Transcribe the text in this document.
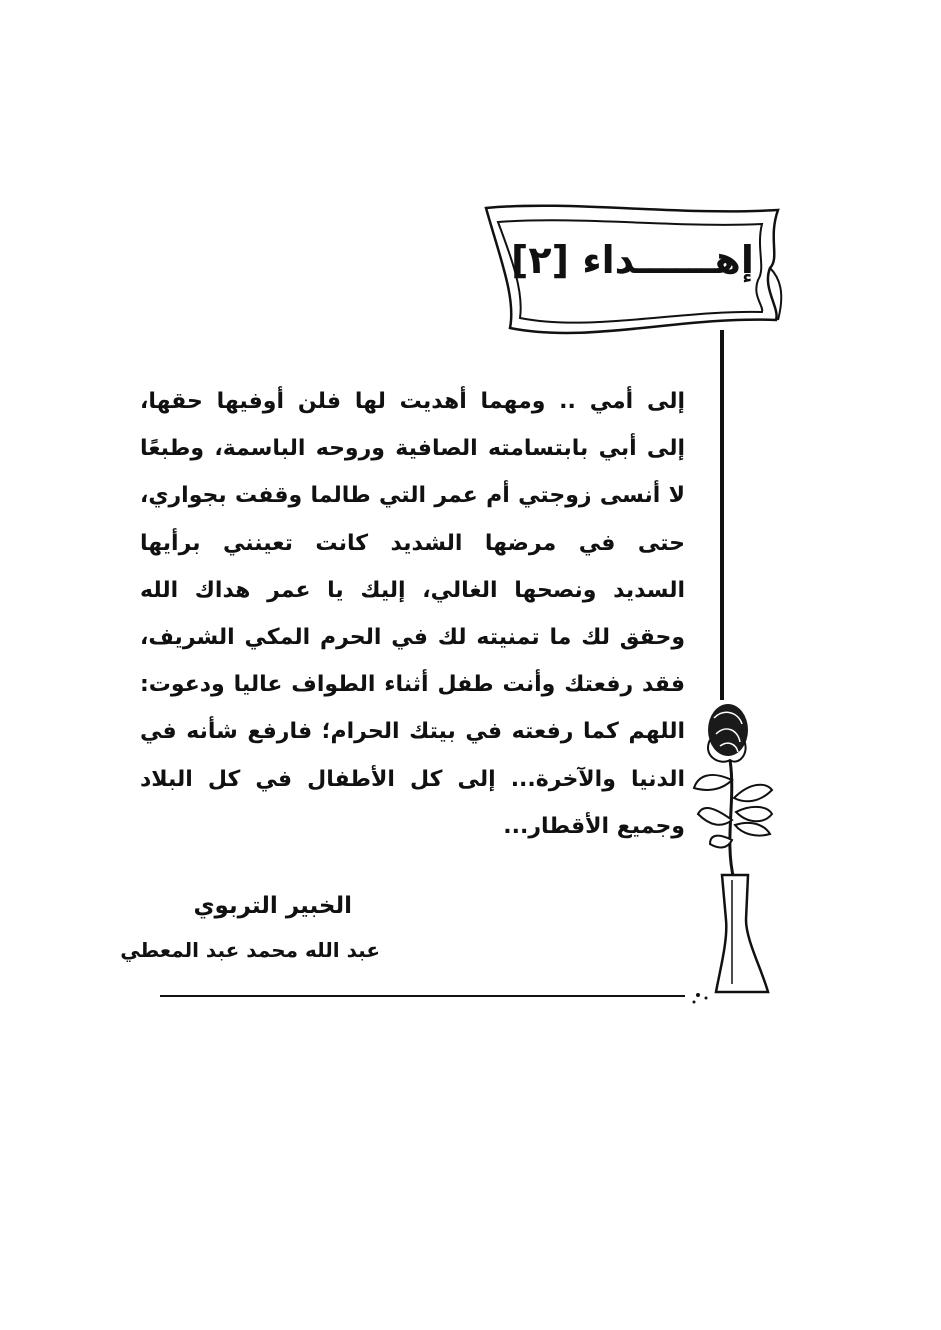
إهــــــداء [٢]
إلى أمي .. ومهما أهديت لها فلن أوفيها حقها،
إلى أبي بابتسامته الصافية وروحه الباسمة، وطبعًا
لا أنسى زوجتي أم عمر التي طالما وقفت بجواري،
حتى في مرضها الشديد كانت تعينني برأيها
السديد ونصحها الغالي، إليك يا عمر هداك الله
وحقق لك ما تمنيته لك في الحرم المكي الشريف،
فقد رفعتك وأنت طفل أثناء الطواف عاليا ودعوت:
اللهم كما رفعته في بيتك الحرام؛ فارفع شأنه في
الدنيا والآخرة... إلى كل الأطفال في كل البلاد
وجميع الأقطار...
الخبير التربوي
عبد الله محمد عبد المعطي
